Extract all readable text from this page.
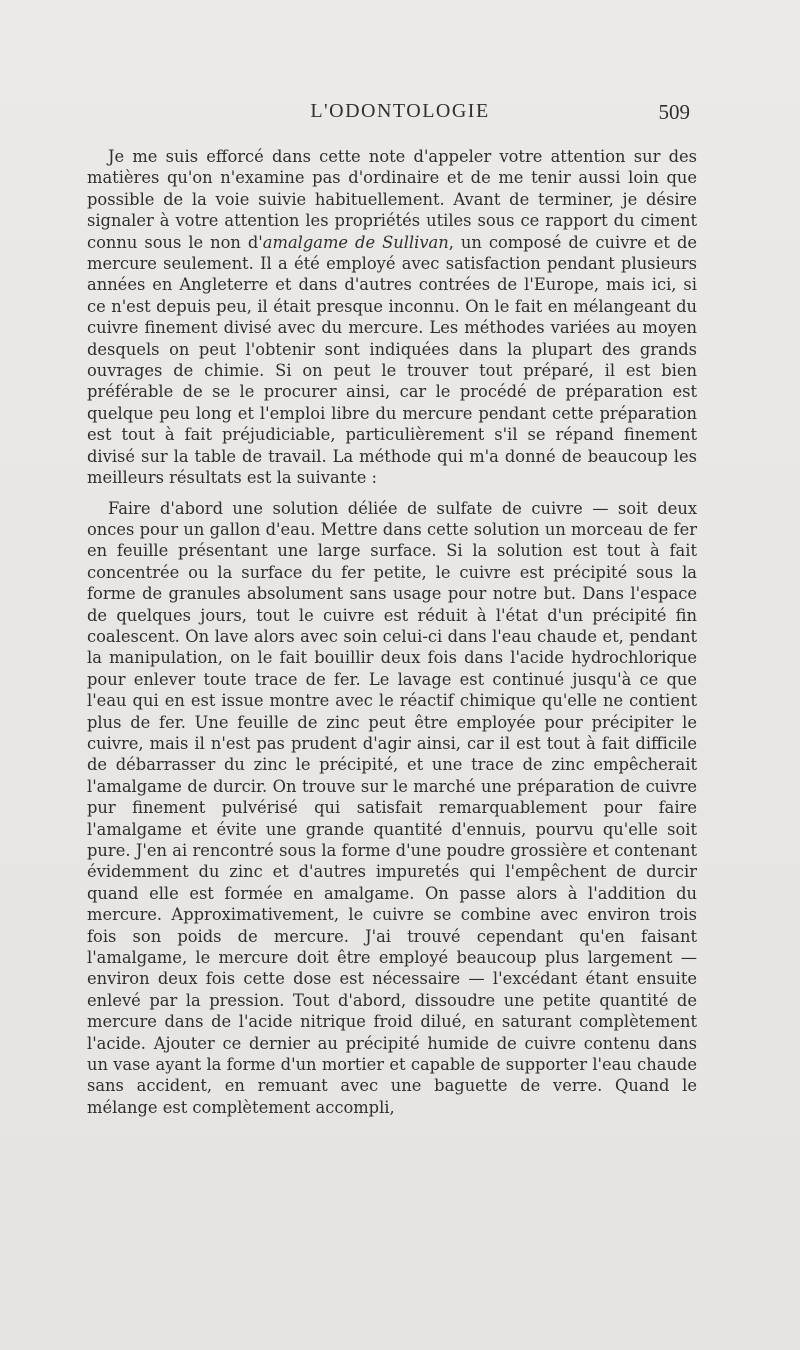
L'ODONTOLOGIE	509

Je me suis efforcé dans cette note d'appeler votre attention sur des matières qu'on n'examine pas d'ordinaire et de me tenir aussi loin que possible de la voie suivie habituellement. Avant de terminer, je désire signaler à votre attention les propriétés utiles sous ce rapport du ciment connu sous le non d'amalgame de Sullivan, un composé de cuivre et de mercure seulement. Il a été employé avec satisfaction pendant plusieurs années en Angleterre et dans d'autres contrées de l'Europe, mais ici, si ce n'est depuis peu, il était presque inconnu. On le fait en mélangeant du cuivre finement divisé avec du mercure. Les méthodes variées au moyen desquels on peut l'obtenir sont indiquées dans la plupart des grands ouvrages de chimie. Si on peut le trouver tout préparé, il est bien préférable de se le procurer ainsi, car le procédé de préparation est quelque peu long et l'emploi libre du mercure pendant cette préparation est tout à fait préjudiciable, particulièrement s'il se répand finement divisé sur la table de travail. La méthode qui m'a donné de beaucoup les meilleurs résultats est la suivante :

Faire d'abord une solution déliée de sulfate de cuivre — soit deux onces pour un gallon d'eau. Mettre dans cette solution un morceau de fer en feuille présentant une large surface. Si la solution est tout à fait concentrée ou la surface du fer petite, le cuivre est précipité sous la forme de granules absolument sans usage pour notre but. Dans l'espace de quelques jours, tout le cuivre est réduit à l'état d'un précipité fin coalescent. On lave alors avec soin celui-ci dans l'eau chaude et, pendant la manipulation, on le fait bouillir deux fois dans l'acide hydrochlorique pour enlever toute trace de fer. Le lavage est continué jusqu'à ce que l'eau qui en est issue montre avec le réactif chimique qu'elle ne contient plus de fer. Une feuille de zinc peut être employée pour précipiter le cuivre, mais il n'est pas prudent d'agir ainsi, car il est tout à fait difficile de débarrasser du zinc le précipité, et une trace de zinc empêcherait l'amalgame de durcir. On trouve sur le marché une préparation de cuivre pur finement pulvérisé qui satisfait remarquablement pour faire l'amalgame et évite une grande quantité d'ennuis, pourvu qu'elle soit pure. J'en ai rencontré sous la forme d'une poudre grossière et contenant évidemment du zinc et d'autres impuretés qui l'empêchent de durcir quand elle est formée en amalgame. On passe alors à l'addition du mercure. Approximativement, le cuivre se combine avec environ trois fois son poids de mercure. J'ai trouvé cependant qu'en faisant l'amalgame, le mercure doit être employé beaucoup plus largement — environ deux fois cette dose est nécessaire — l'excédant étant ensuite enlevé par la pression. Tout d'abord, dissoudre une petite quantité de mercure dans de l'acide nitrique froid dilué, en saturant complètement l'acide. Ajouter ce dernier au précipité humide de cuivre contenu dans un vase ayant la forme d'un mortier et capable de supporter l'eau chaude sans accident, en remuant avec une baguette de verre. Quand le mélange est complètement accompli,
